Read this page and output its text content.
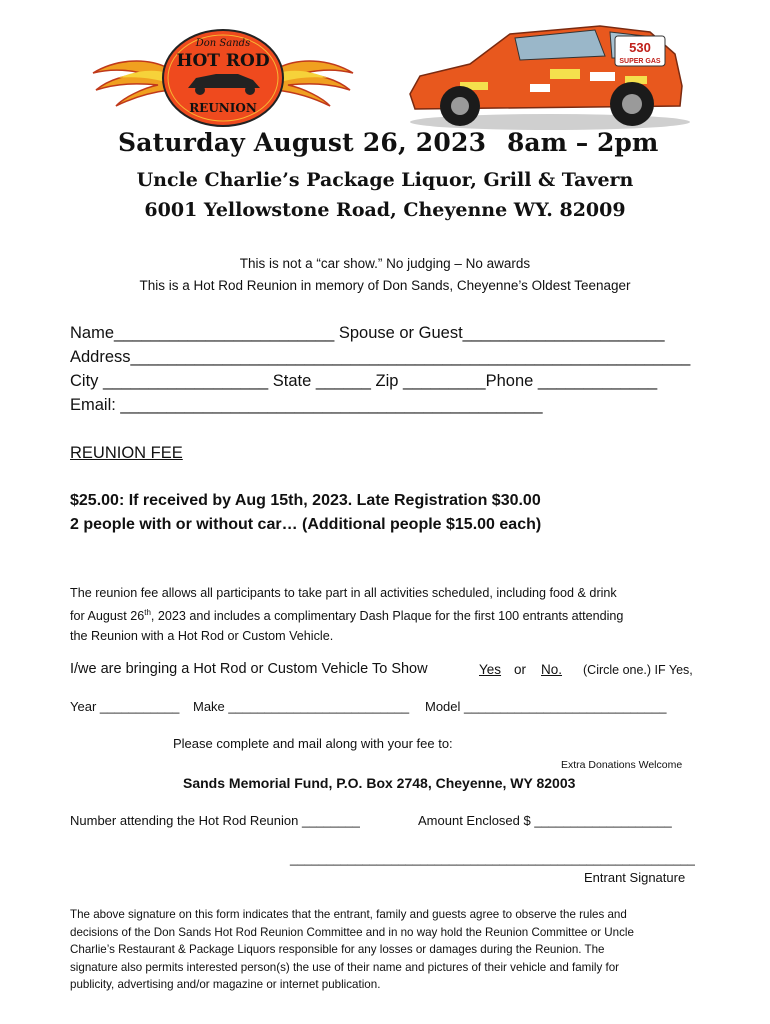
Don Sands
HOT ROD
REUNION
530
SUPER GAS
Saturday August 26, 2023 8am – 2pm
Uncle Charlie’s Package Liquor, Grill & Tavern
6001 Yellowstone Road, Cheyenne WY. 82009
This is not a “car show.” No judging – No awards
This is a Hot Rod Reunion in memory of Don Sands, Cheyenne’s Oldest Teenager
Name________________________ Spouse or Guest______________________
Address_____________________________________________________________
City __________________ State ______ Zip _________Phone _____________
Email: ______________________________________________
REUNION FEE
$25.00: If received by Aug 15th, 2023. Late Registration $30.00
2 people with or without car… (Additional people $15.00 each)
The reunion fee allows all participants to take part in all activities scheduled, including food & drink
for August 26th, 2023 and includes a complimentary Dash Plaque for the first 100 entrants attending
the Reunion with a Hot Rod or Custom Vehicle.
I/we are bringing a Hot Rod or Custom Vehicle To Show	Yes or No. (Circle one.) IF Yes,
Year ___________ Make _________________________ Model ____________________________
Please complete and mail along with your fee to:
Extra Donations Welcome
Sands Memorial Fund, P.O. Box 2748, Cheyenne, WY 82003
Number attending the Hot Rod Reunion ________	Amount Enclosed $ ___________________
________________________________________________________
Entrant Signature
The above signature on this form indicates that the entrant, family and guests agree to observe the rules and
decisions of the Don Sands Hot Rod Reunion Committee and in no way hold the Reunion Committee or Uncle
Charlie’s Restaurant & Package Liquors responsible for any losses or damages during the Reunion. The
signature also permits interested person(s) the use of their name and pictures of their vehicle and family for
publicity, advertising and/or magazine or internet publication.
